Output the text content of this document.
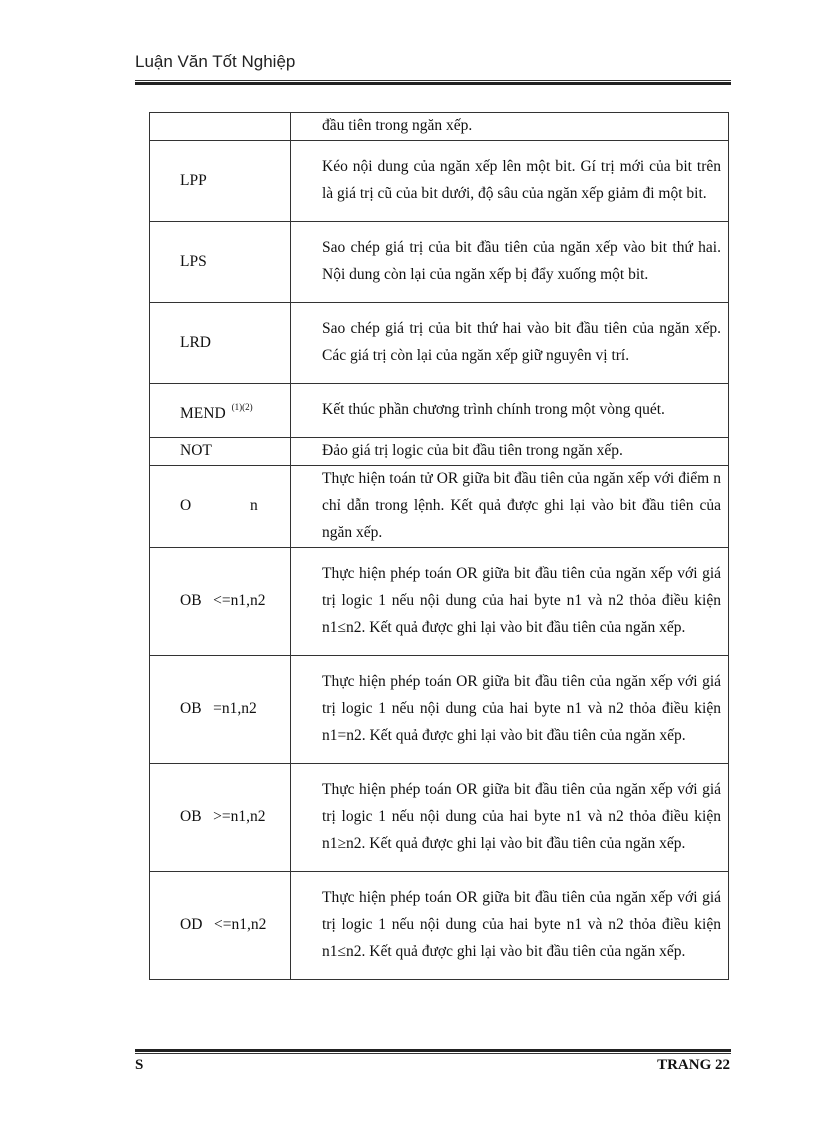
Luận Văn Tốt Nghiệp
	đầu tiên trong ngăn xếp.
LPP	Kéo nội dung của ngăn xếp lên một bit. Gí trị mới của bit trên là giá trị cũ của bit dưới, độ sâu của ngăn xếp giảm đi một bit.
LPS	Sao chép giá trị của bit đầu tiên của ngăn xếp vào bit thứ hai. Nội dung còn lại của ngăn xếp bị đẩy xuống một bit.
LRD	Sao chép giá trị của bit thứ hai vào bit đầu tiên của ngăn xếp. Các giá trị còn lại của ngăn xếp giữ nguyên vị trí.
MEND $^{(1)(2)}$	Kết thúc phần chương trình chính trong một vòng quét.
NOT	Đảo giá trị logic của bit đầu tiên trong ngăn xếp.
O n	Thực hiện toán tử OR giữa bit đầu tiên của ngăn xếp với điểm n chỉ dẫn trong lệnh. Kết quả được ghi lại vào bit đầu tiên của ngăn xếp.
OB <=n1,n2	Thực hiện phép toán OR giữa bit đầu tiên của ngăn xếp với giá trị logic 1 nếu nội dung của hai byte n1 và n2 thỏa điều kiện n1≤n2. Kết quả được ghi lại vào bit đầu tiên của ngăn xếp.
OB =n1,n2	Thực hiện phép toán OR giữa bit đầu tiên của ngăn xếp với giá trị logic 1 nếu nội dung của hai byte n1 và n2 thỏa điều kiện n1=n2. Kết quả được ghi lại vào bit đầu tiên của ngăn xếp.
OB >=n1,n2	Thực hiện phép toán OR giữa bit đầu tiên của ngăn xếp với giá trị logic 1 nếu nội dung của hai byte n1 và n2 thỏa điều kiện n1≥n2. Kết quả được ghi lại vào bit đầu tiên của ngăn xếp.
OD <=n1,n2	Thực hiện phép toán OR giữa bit đầu tiên của ngăn xếp với giá trị logic 1 nếu nội dung của hai byte n1 và n2 thỏa điều kiện n1≤n2. Kết quả được ghi lại vào bit đầu tiên của ngăn xếp.
S	TRANG 22
